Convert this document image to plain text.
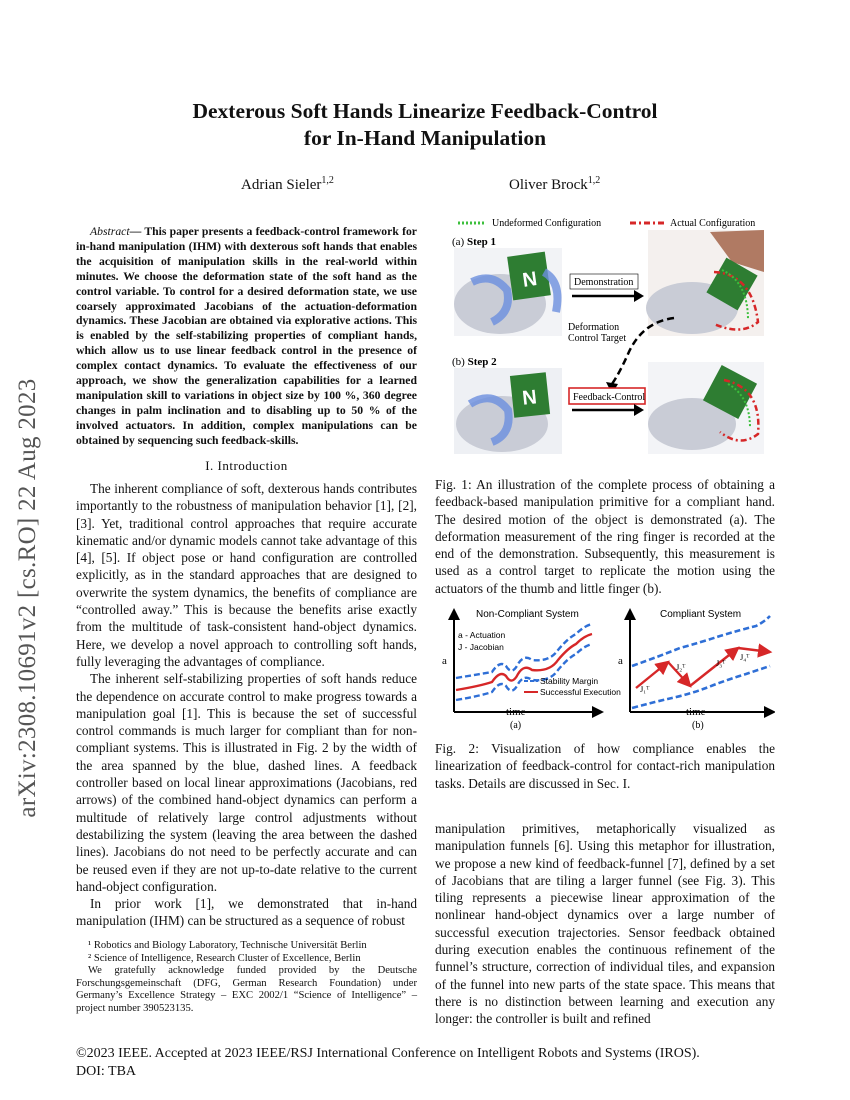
Dexterous Soft Hands Linearize Feedback-Control
for In-Hand Manipulation
Adrian Sieler$^{1,2}$	Oliver Brock$^{1,2}$
arXiv:2308.10691v2 [cs.RO] 22 Aug 2023
Abstract— This paper presents a feedback-control framework for in-hand manipulation (IHM) with dexterous soft hands that enables the acquisition of manipulation skills in the real-world within minutes. We choose the deformation state of the soft hand as the control variable. To control for a desired deformation state, we use coarsely approximated Jacobians of the actuation-deformation dynamics. These Jacobian are obtained via explorative actions. This is enabled by the self-stabilizing properties of compliant hands, which allow us to use linear feedback control in the presence of complex contact dynamics. To evaluate the effectiveness of our approach, we show the generalization capabilities for a learned manipulation skill to variations in object size by 100 %, 360 degree changes in palm inclination and to disabling up to 50 % of the involved actuators. In addition, complex manipulations can be obtained by sequencing such feedback-skills.
I. Introduction

The inherent compliance of soft, dexterous hands contributes importantly to the robustness of manipulation behavior [1], [2], [3]. Yet, traditional control approaches that require accurate kinematic and/or dynamic models cannot take advantage of this [4], [5]. If object pose or hand configuration are controlled explicitly, as in the standard approaches that are designed to overwrite the system dynamics, the benefits of compliance are “controlled away.” This is because the benefits arise exactly from the multitude of task-consistent hand-object dynamics. Here, we develop a novel approach to controlling soft hands, fully leveraging the advantages of compliance.

The inherent self-stabilizing properties of soft hands reduce the dependence on accurate control to make progress towards a manipulation goal [1]. This is because the set of successful control commands is much larger for compliant than for non-compliant systems. This is illustrated in Fig. 2 by the width of the area spanned by the blue, dashed lines. A feedback controller based on local linear approximations (Jacobians, red arrows) of the combined hand-object dynamics can perform a multitude of relatively large control adjustments without destabilizing the system (leaving the area between the dashed lines). Jacobians do not need to be perfectly accurate and can be reused even if they are not up-to-date relative to the current hand-object configuration.

In prior work [1], we demonstrated that in-hand manipulation (IHM) can be structured as a sequence of robust

¹ Robotics and Biology Laboratory, Technische Universität Berlin

² Science of Intelligence, Research Cluster of Excellence, Berlin

We gratefully acknowledge funded provided by the Deutsche Forschungsgemeinschaft (DFG, German Research Foundation) under Germany’s Excellence Strategy – EXC 2002/1 “Science of Intelligence” – project number 390523135.

Undeformed Configuration	Actual Configuration
(a) Step 1
(b) Step 2
N	Demonstration
Deformation
Control Target
N	Feedback-Control
Fig. 1: An illustration of the complete process of obtaining a feedback-based manipulation primitive for a compliant hand. The desired motion of the object is demonstrated (a). The deformation measurement of the ring finger is recorded at the end of the demonstration. Subsequently, this measurement is used as a control target to replicate the motion using the actuators of the thumb and little finger (b).
Non-Compliant System
a - Actuation
J - Jacobian
a
time
Stability Margin
Successful Execution
(a)
Compliant System
a
time
J₁ᵀ
J₂ᵀ	J₃ᵀ
J₄ᵀ
(b)
Fig. 2: Visualization of how compliance enables the linearization of feedback-control for contact-rich manipulation tasks. Details are discussed in Sec. I.
manipulation primitives, metaphorically visualized as manipulation funnels [6]. Using this metaphor for illustration, we propose a new kind of feedback-funnel [7], defined by a set of Jacobians that are tiling a larger funnel (see Fig. 3). This tiling represents a piecewise linear approximation of the nonlinear hand-object dynamics over a large number of successful execution trajectories. Sensor feedback obtained during execution enables the continuous refinement of the funnel’s structure, correction of individual tiles, and expansion of the funnel into new parts of the state space. This means that there is no distinction between learning and execution any longer: the controller is built and refined
©2023 IEEE. Accepted at 2023 IEEE/RSJ International Conference on Intelligent Robots and Systems (IROS).
DOI: TBA
